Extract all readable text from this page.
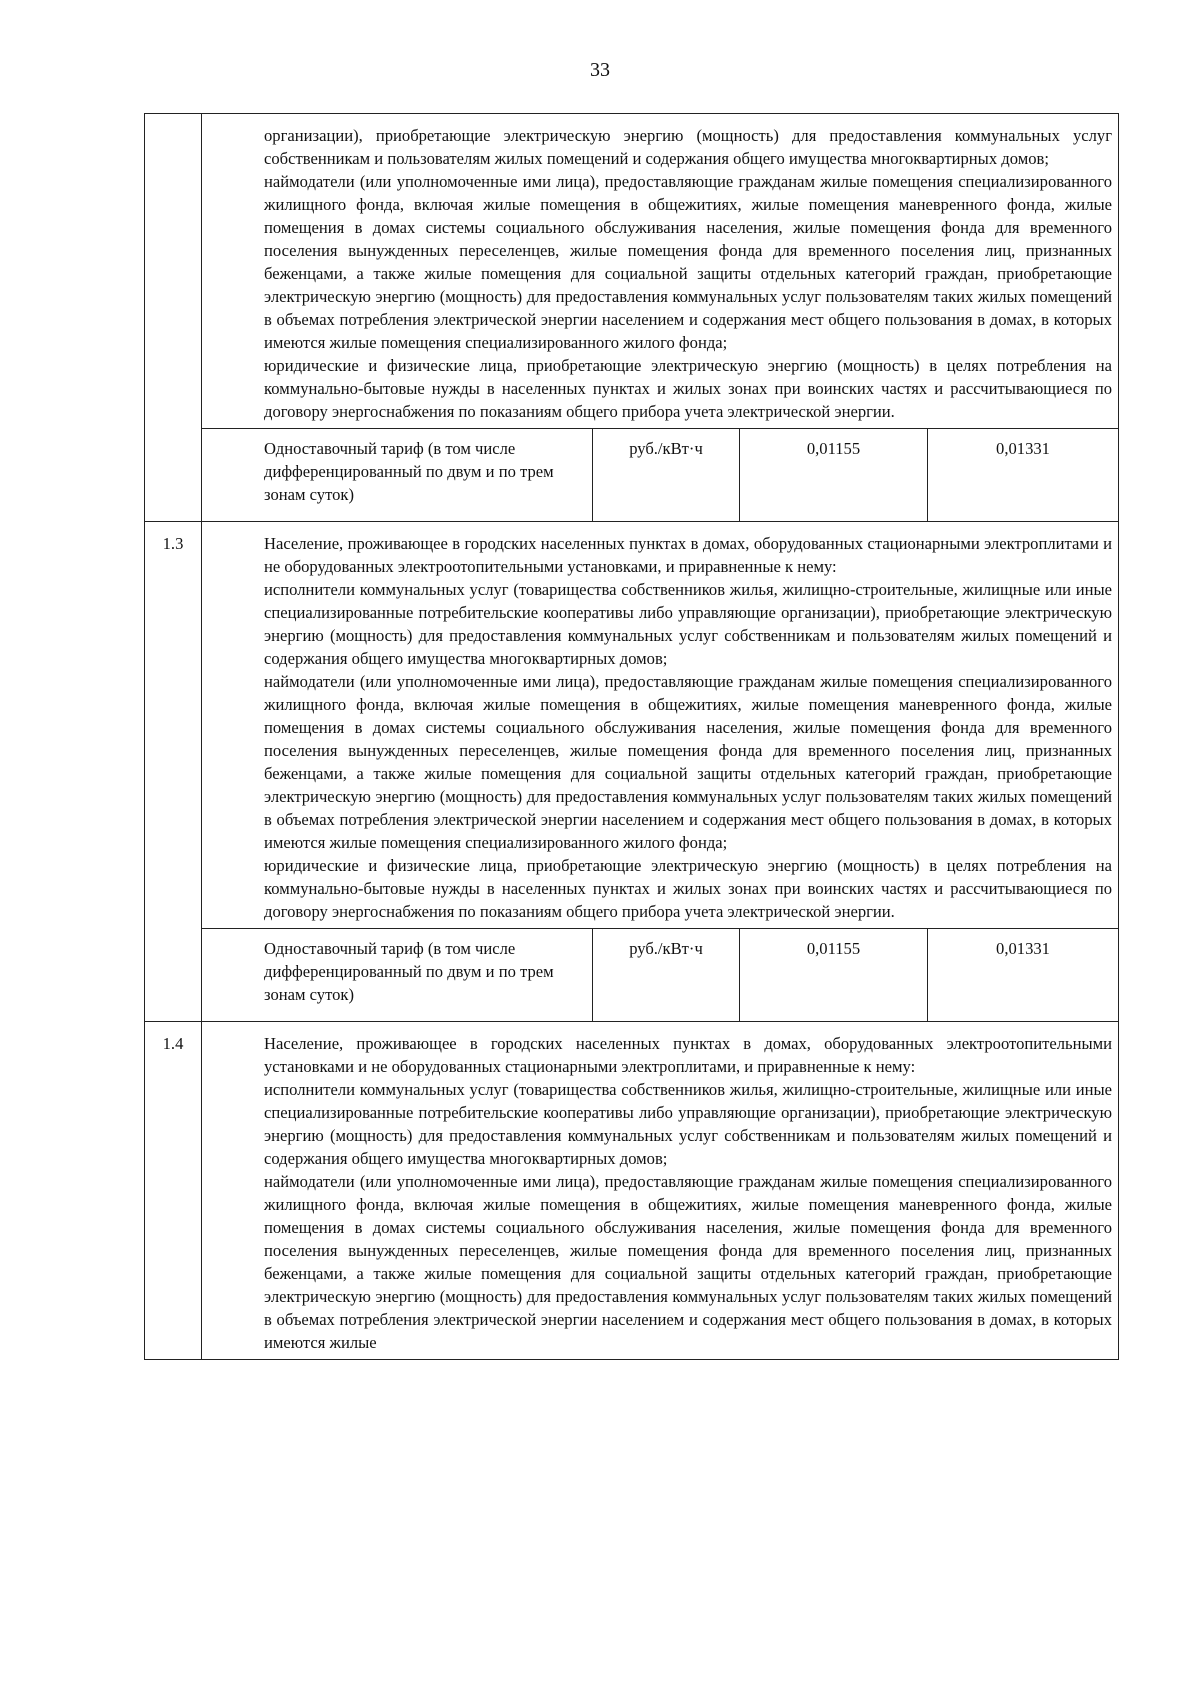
33

	организации), приобретающие электрическую энергию (мощность) для предоставления коммунальных услуг собственникам и пользователям жилых помещений и содержания общего имущества многоквартирных домов;

наймодатели (или уполномоченные ими лица), предоставляющие гражданам жилые помещения специализированного жилищного фонда, включая жилые помещения в общежитиях, жилые помещения маневренного фонда, жилые помещения в домах системы социального обслуживания населения, жилые помещения фонда для временного поселения вынужденных переселенцев, жилые помещения фонда для временного поселения лиц, признанных беженцами, а также жилые помещения для социальной защиты отдельных категорий граждан, приобретающие электрическую энергию (мощность) для предоставления коммунальных услуг пользователям таких жилых помещений в объемах потребления электрической энергии населением и содержания мест общего пользования в домах, в которых имеются жилые помещения специализированного жилого фонда;

юридические и физические лица, приобретающие электрическую энергию (мощность) в целях потребления на коммунально-бытовые нужды в населенных пунктах и жилых зонах при воинских частях и рассчитывающиеся по договору энергоснабжения по показаниям общего прибора учета электрической энергии.			

	Одноставочный тариф (в том числе дифференцированный по двум и по трем зонам суток)	руб./кВт·ч	0,01155	0,01331
1.3	Население, проживающее в городских населенных пунктах в домах, оборудованных стационарными электроплитами и не оборудованных электроотопительными установками, и приравненные к нему:

исполнители коммунальных услуг (товарищества собственников жилья, жилищно-строительные, жилищные или иные специализированные потребительские кооперативы либо управляющие организации), приобретающие электрическую энергию (мощность) для предоставления коммунальных услуг собственникам и пользователям жилых помещений и содержания общего имущества многоквартирных домов;

наймодатели (или уполномоченные ими лица), предоставляющие гражданам жилые помещения специализированного жилищного фонда, включая жилые помещения в общежитиях, жилые помещения маневренного фонда, жилые помещения в домах системы социального обслуживания населения, жилые помещения фонда для временного поселения вынужденных переселенцев, жилые помещения фонда для временного поселения лиц, признанных беженцами, а также жилые помещения для социальной защиты отдельных категорий граждан, приобретающие электрическую энергию (мощность) для предоставления коммунальных услуг пользователям таких жилых помещений в объемах потребления электрической энергии населением и содержания мест общего пользования в домах, в которых имеются жилые помещения специализированного жилого фонда;

юридические и физические лица, приобретающие электрическую энергию (мощность) в целях потребления на коммунально-бытовые нужды в населенных пунктах и жилых зонах при воинских частях и рассчитывающиеся по договору энергоснабжения по показаниям общего прибора учета электрической энергии.			

	Одноставочный тариф (в том числе дифференцированный по двум и по трем зонам суток)	руб./кВт·ч	0,01155	0,01331
1.4	Население, проживающее в городских населенных пунктах в домах, оборудованных электроотопительными установками и не оборудованных стационарными электроплитами, и приравненные к нему:

исполнители коммунальных услуг (товарищества собственников жилья, жилищно-строительные, жилищные или иные специализированные потребительские кооперативы либо управляющие организации), приобретающие электрическую энергию (мощность) для предоставления коммунальных услуг собственникам и пользователям жилых помещений и содержания общего имущества многоквартирных домов;

наймодатели (или уполномоченные ими лица), предоставляющие гражданам жилые помещения специализированного жилищного фонда, включая жилые помещения в общежитиях, жилые помещения маневренного фонда, жилые помещения в домах системы социального обслуживания населения, жилые помещения фонда для временного поселения вынужденных переселенцев, жилые помещения фонда для временного поселения лиц, признанных беженцами, а также жилые помещения для социальной защиты отдельных категорий граждан, приобретающие электрическую энергию (мощность) для предоставления коммунальных услуг пользователям таких жилых помещений в объемах потребления электрической энергии населением и содержания мест общего пользования в домах, в которых имеются жилые			
